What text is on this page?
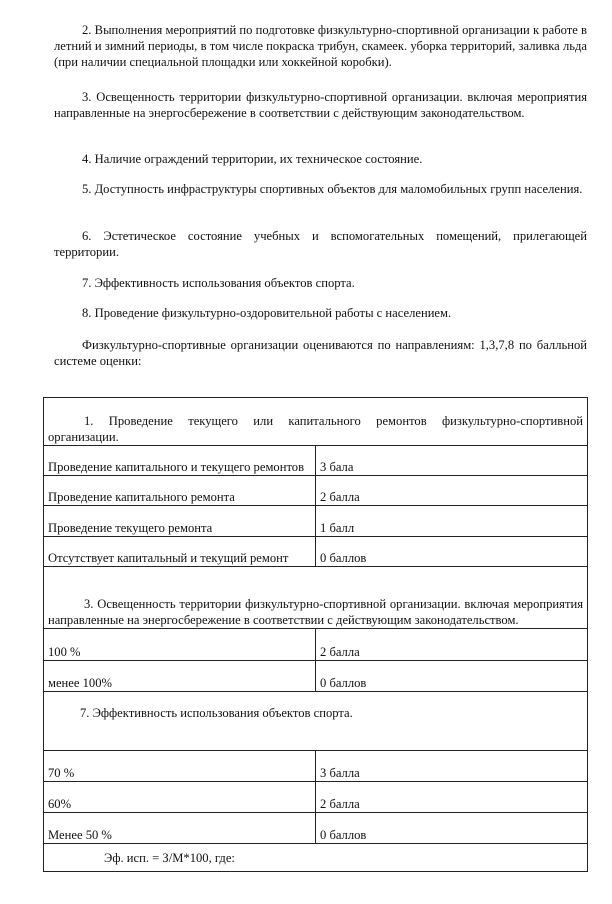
2. Выполнения мероприятий по подготовке физкультурно-спортивной организации к работе в летний и зимний периоды, в том числе покраска трибун, скамеек. уборка территорий, заливка льда (при наличии специальной площадки или хоккейной коробки).

3. Освещенность территории физкультурно-спортивной организации. включая мероприятия направленные на энергосбережение в соответствии с действующим законодательством.

4. Наличие ограждений территории, их техническое состояние.

5. Доступность инфраструктуры спортивных объектов для маломобильных групп населения.

6. Эстетическое состояние учебных и вспомогательных помещений, прилегающей территории.

7. Эффективность использования объектов спорта.

8. Проведение физкультурно-оздоровительной работы с населением.

Физкультурно-спортивные организации оцениваются по направлениям: 1,3,7,8 по балльной системе оценки:

1. Проведение текущего или капитального ремонтов физкультурно-спортивной организации.	
Проведение капитального и текущего ремонтов	3 бала
Проведение капитального ремонта	2 балла
Проведение текущего ремонта	1 балл
Отсутствует капитальный и текущий ремонт	0 баллов
3. Освещенность территории физкультурно-спортивной организации. включая мероприятия направленные на энергосбережение в соответствии с действующим законодательством.	
100 %	2 балла
менее 100%	0 баллов
7. Эффективность использования объектов спорта.	
70 %	3 балла
60%	2 балла
Менее 50 %	0 баллов
Эф. исп. = З/М*100, где:	
